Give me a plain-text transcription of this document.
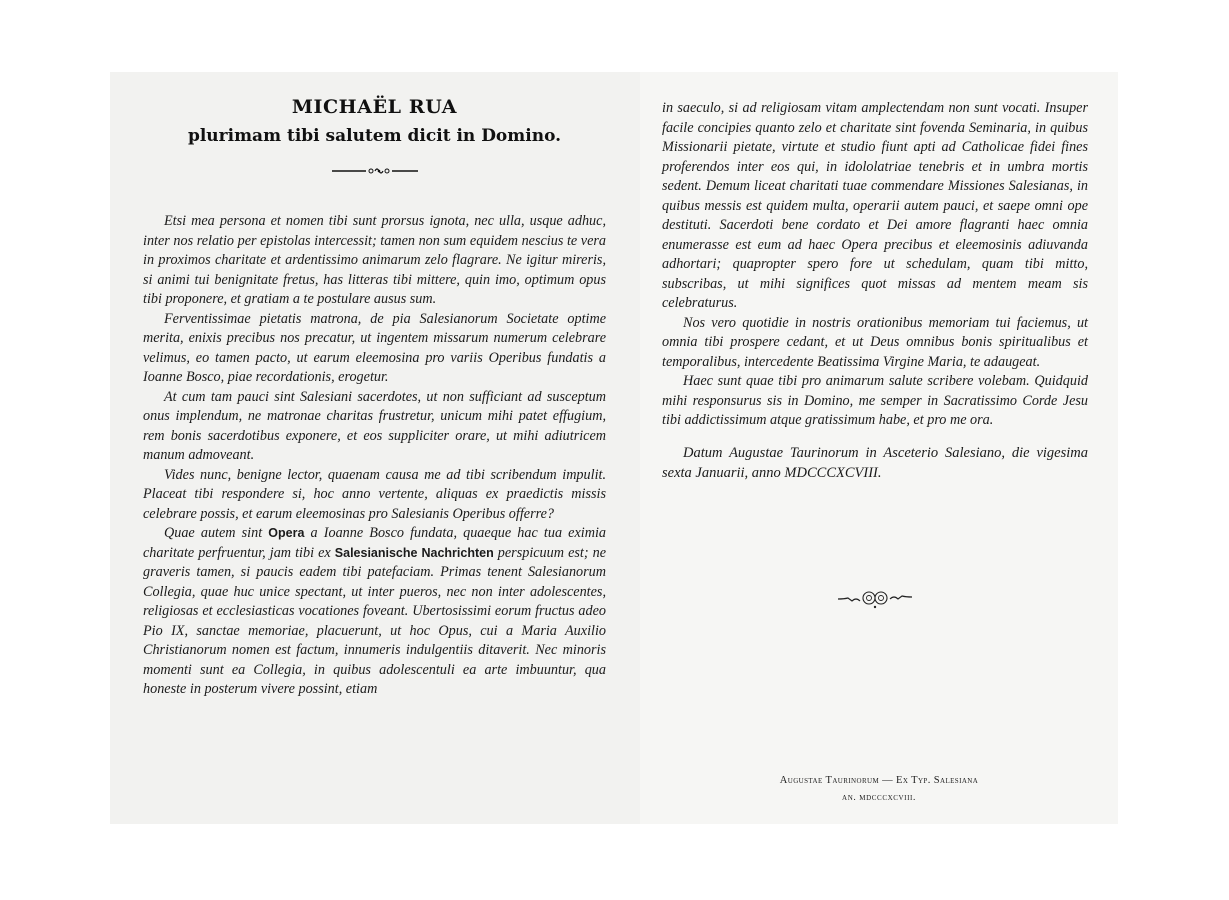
MICHAËL RUA
plurimam tibi salutem dicit in Domino.

Etsi mea persona et nomen tibi sunt prorsus ignota, nec ulla, usque adhuc, inter nos relatio per epistolas intercessit; tamen non sum equidem nescius te vera in proximos charitate et ardentissimo animarum zelo flagrare. Ne igitur mireris, si animi tui benignitate fretus, has litteras tibi mittere, quin imo, optimum opus tibi proponere, et gratiam a te postulare ausus sum.

Ferventissimae pietatis matrona, de pia Salesianorum Societate optime merita, enixis precibus nos precatur, ut ingentem missarum numerum celebrare velimus, eo tamen pacto, ut earum eleemosina pro variis Operibus fundatis a Ioanne Bosco, piae recordationis, erogetur.

At cum tam pauci sint Salesiani sacerdotes, ut non sufficiant ad susceptum onus implendum, ne matronae charitas frustretur, unicum mihi patet effugium, rem bonis sacerdotibus exponere, et eos suppliciter orare, ut mihi adiutricem manum admoveant.

Vides nunc, benigne lector, quaenam causa me ad tibi scribendum impulit. Placeat tibi respondere si, hoc anno vertente, aliquas ex praedictis missis celebrare possis, et earum eleemosinas pro Salesianis Operibus offerre?

Quae autem sint Opera a Ioanne Bosco fundata, quaeque hac tua eximia charitate perfruentur, jam tibi ex Salesianische Nachrichten perspicuum est; ne graveris tamen, si paucis eadem tibi patefaciam. Primas tenent Salesianorum Collegia, quae huc unice spectant, ut inter pueros, nec non inter adolescentes, religiosas et ecclesiasticas vocationes foveant. Ubertosissimi eorum fructus adeo Pio IX, sanctae memoriae, placuerunt, ut hoc Opus, cui a Maria Auxilio Christianorum nomen est factum, innumeris indulgentiis ditaverit. Nec minoris momenti sunt ea Collegia, in quibus adolescentuli ea arte imbuuntur, qua honeste in posterum vivere possint, etiam

in saeculo, si ad religiosam vitam amplectendam non sunt vocati. Insuper facile concipies quanto zelo et charitate sint fovenda Seminaria, in quibus Missionarii pietate, virtute et studio fiunt apti ad Catholicae fidei fines proferendos inter eos qui, in idololatriae tenebris et in umbra mortis sedent. Demum liceat charitati tuae commendare Missiones Salesianas, in quibus messis est quidem multa, operarii autem pauci, et saepe omni ope destituti. Sacerdoti bene cordato et Dei amore flagranti haec omnia enumerasse est eum ad haec Opera precibus et eleemosinis adiuvanda adhortari; quapropter spero fore ut schedulam, quam tibi mitto, subscribas, ut mihi significes quot missas ad mentem meam sis celebraturus.

Nos vero quotidie in nostris orationibus memoriam tui faciemus, ut omnia tibi prospere cedant, et ut Deus omnibus bonis spiritualibus et temporalibus, intercedente Beatissima Virgine Maria, te adaugeat.

Haec sunt quae tibi pro animarum salute scribere volebam. Quidquid mihi responsurus sis in Domino, me semper in Sacratissimo Corde Jesu tibi addictissimum atque gratissimum habe, et pro me ora.

Datum Augustae Taurinorum in Asceterio Salesiano, die vigesima sexta Januarii, anno MDCCCXCVIII.

Augustae Taurinorum — Ex Typ. Salesiana
an. mdcccxcviii.
